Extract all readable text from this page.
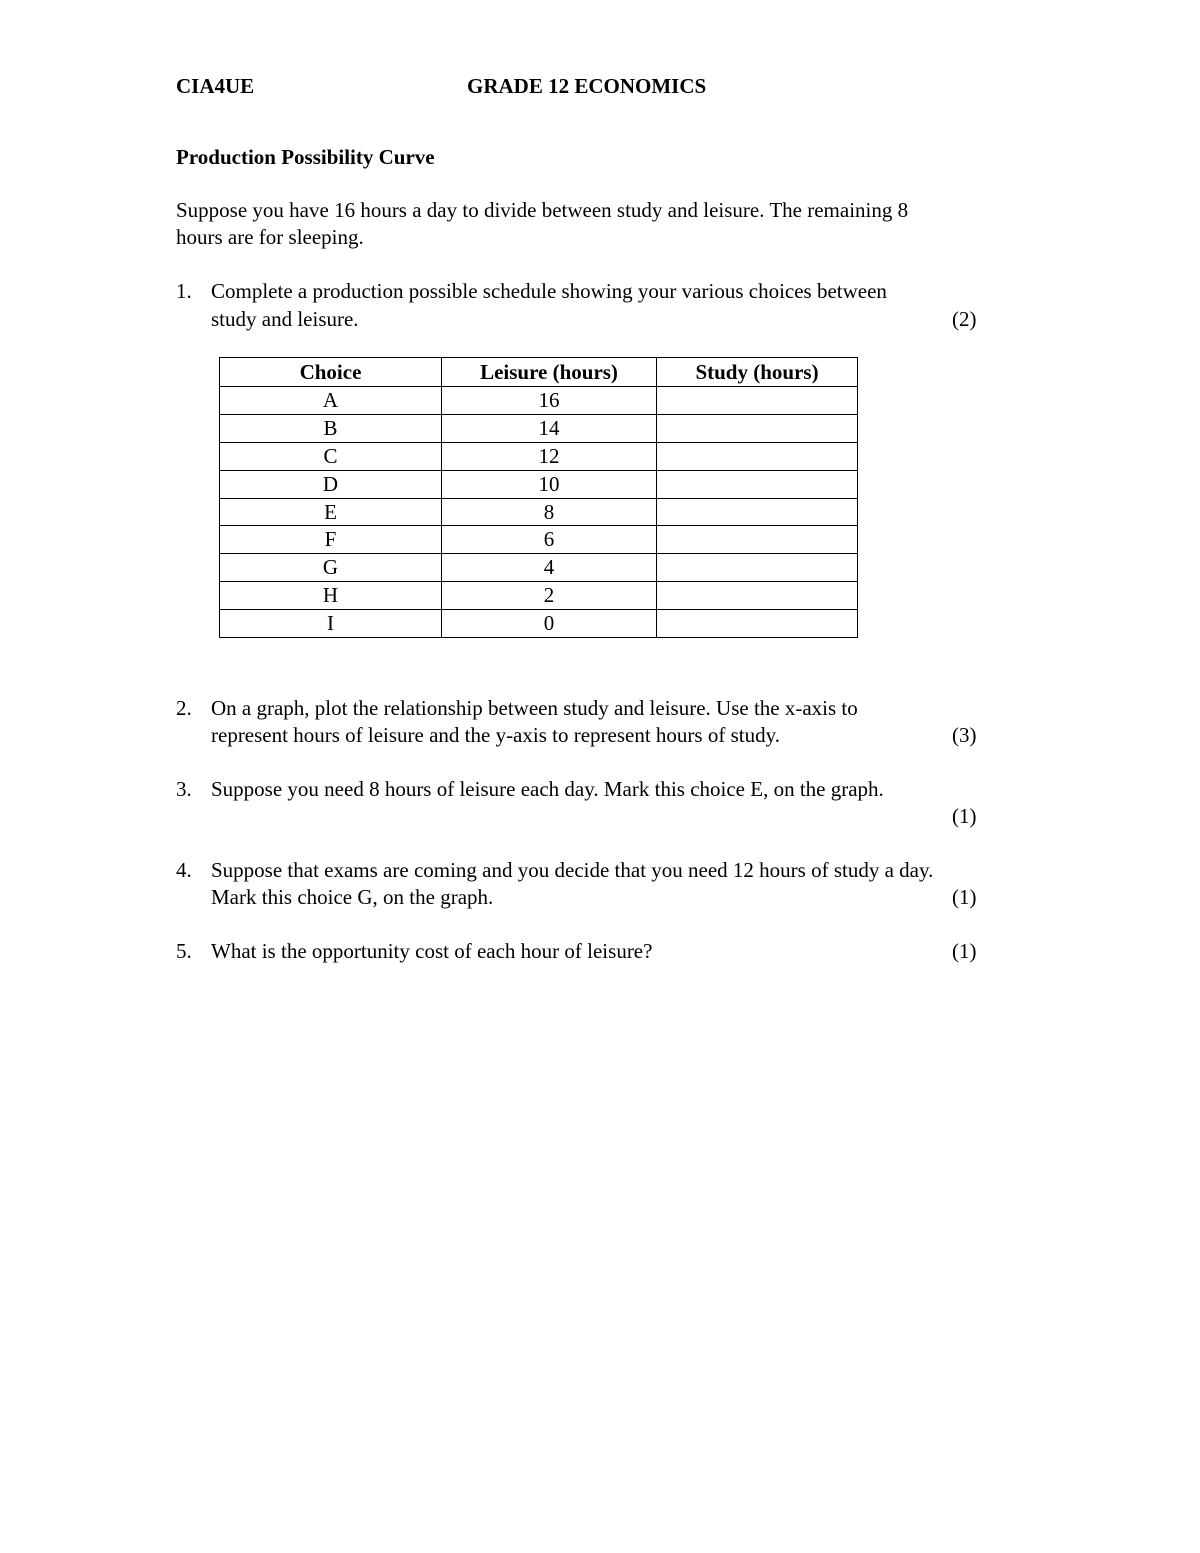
CIA4UE	GRADE 12 ECONOMICS
Production Possibility Curve
Suppose you have 16 hours a day to divide between study and leisure. The remaining 8
hours are for sleeping.
1. Complete a production possible schedule showing your various choices between
study and leisure.	(2)
Choice	Leisure (hours)	Study (hours)
A	16	
B	14	
C	12	
D	10	
E	8	
F	6	
G	4	
H	2	
I	0	
2. On a graph, plot the relationship between study and leisure. Use the x-axis to
represent hours of leisure and the y-axis to represent hours of study.	(3)
3. Suppose you need 8 hours of leisure each day. Mark this choice E, on the graph.
(1)
4. Suppose that exams are coming and you decide that you need 12 hours of study a day.
Mark this choice G, on the graph.	(1)
5. What is the opportunity cost of each hour of leisure?	(1)
